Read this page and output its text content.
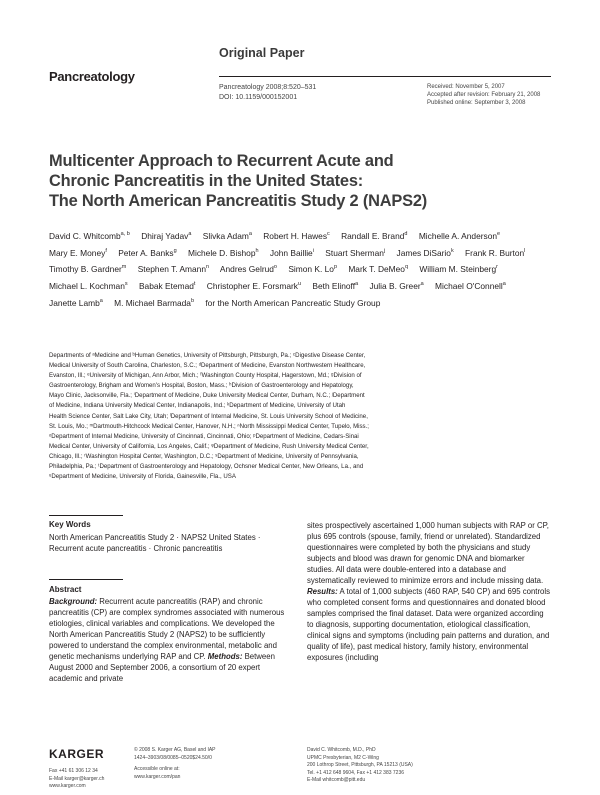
Original Paper
Pancreatology
Pancreatology 2008;8:520–531
DOI: 10.1159/000152001
Received: November 5, 2007
Accepted after revision: February 21, 2008
Published online: September 3, 2008
Multicenter Approach to Recurrent Acute and
Chronic Pancreatitis in the United States:
The North American Pancreatitis Study 2 (NAPS2)
David C. Whitcomb$^{a, b}$ Dhiraj Yadav$^a$ Slivka Adam$^a$ Robert H. Hawes$^c$ Randall E. Brand$^d$ Michelle A. Anderson$^e$ Mary E. Money$^f$ Peter A. Banks$^g$ Michele D. Bishop$^h$ John Baillie$^i$ Stuart Sherman$^j$ James DiSario$^k$ Frank R. Burton$^l$ Timothy B. Gardner$^m$ Stephen T. Amann$^n$ Andres Gelrud$^o$ Simon K. Lo$^p$ Mark T. DeMeo$^q$ William M. Steinberg$^r$ Michael L. Kochman$^s$ Babak Etemad$^t$ Christopher E. Forsmark$^u$ Beth Elinoff$^a$ Julia B. Greer$^a$ Michael O'Connell$^a$ Janette Lamb$^a$ M. Michael Barmada$^b$ for the North American Pancreatic Study Group
Departments of ᵃMedicine and ᵇHuman Genetics, University of Pittsburgh, Pittsburgh, Pa.; ᶜDigestive Disease Center,
Medical University of South Carolina, Charleston, S.C.; ᵈDepartment of Medicine, Evanston Northwestern Healthcare,
Evanston, Ill.; ᵉUniversity of Michigan, Ann Arbor, Mich.; ᶠWashington County Hospital, Hagerstown, Md.; ᵍDivision of
Gastroenterology, Brigham and Women's Hospital, Boston, Mass.; ʰDivision of Gastroenterology and Hepatology,
Mayo Clinic, Jacksonville, Fla.; ⁱDepartment of Medicine, Duke University Medical Center, Durham, N.C.; ʲDepartment
of Medicine, Indiana University Medical Center, Indianapolis, Ind.; ᵏDepartment of Medicine, University of Utah
Health Science Center, Salt Lake City, Utah; ˡDepartment of Internal Medicine, St. Louis University School of Medicine,
St. Louis, Mo.; ᵐDartmouth-Hitchcock Medical Center, Hanover, N.H.; ⁿNorth Mississippi Medical Center, Tupelo, Miss.;
ᵒDepartment of Internal Medicine, University of Cincinnati, Cincinnati, Ohio; ᵖDepartment of Medicine, Cedars-Sinai
Medical Center, University of California, Los Angeles, Calif.; ᵠDepartment of Medicine, Rush University Medical Center,
Chicago, Ill.; ʳWashington Hospital Center, Washington, D.C.; ˢDepartment of Medicine, University of Pennsylvania,
Philadelphia, Pa.; ᵗDepartment of Gastroenterology and Hepatology, Ochsner Medical Center, New Orleans, La., and
ᵘDepartment of Medicine, University of Florida, Gainesville, Fla., USA
Key Words
North American Pancreatitis Study 2 · NAPS2 United States ·
Recurrent acute pancreatitis · Chronic pancreatitis
Abstract
Background: Recurrent acute pancreatitis (RAP) and chronic pancreatitis (CP) are complex syndromes associated with numerous etiologies, clinical variables and complications. We developed the North American Pancreatitis Study 2 (NAPS2) to be sufficiently powered to understand the complex environmental, metabolic and genetic mechanisms underlying RAP and CP. Methods: Between August 2000 and September 2006, a consortium of 20 expert academic and private
sites prospectively ascertained 1,000 human subjects with RAP or CP, plus 695 controls (spouse, family, friend or unrelated). Standardized questionnaires were completed by both the physicians and study subjects and blood was drawn for genomic DNA and biomarker studies. All data were double-entered into a database and systematically reviewed to minimize errors and include missing data. Results: A total of 1,000 subjects (460 RAP, 540 CP) and 695 controls who completed consent forms and questionnaires and donated blood samples comprised the final dataset. Data were organized according to diagnosis, supporting documentation, etiological classification, clinical signs and symptoms (including pain patterns and duration, and quality of life), past medical history, family history, environmental exposures (including
KARGER
Fax +41 61 306 12 34
E-Mail karger@karger.ch
www.karger.com
© 2008 S. Karger AG, Basel and IAP
1424–3903/08/0085–0520$24.50/0
Accessible online at:
www.karger.com/pan
David C. Whitcomb, M.D., PhD
UPMC Presbyterian, M2 C-Wing
200 Lothrop Street, Pittsburgh, PA 15213 (USA)
Tel. +1 412 648 9604, Fax +1 412 383 7236
E-Mail whitcomb@pitt.edu
